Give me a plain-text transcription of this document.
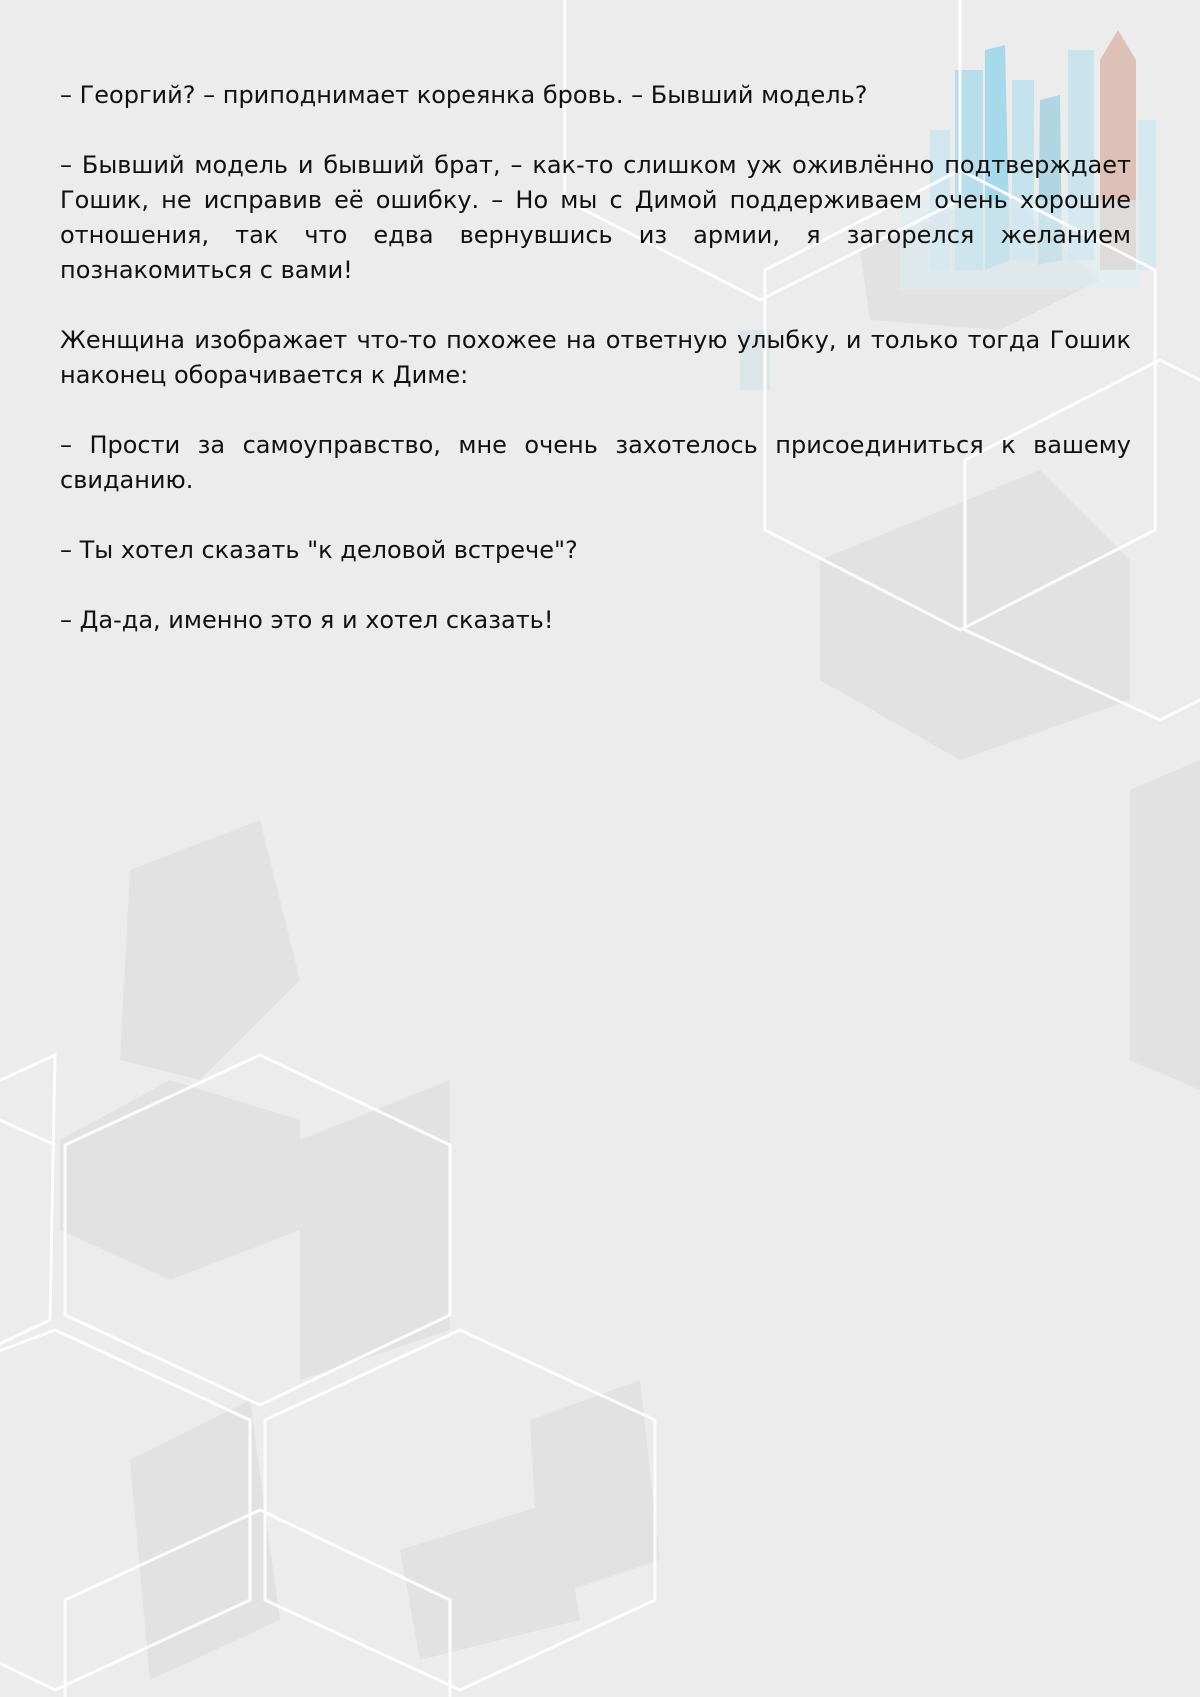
– Георгий? – приподнимает кореянка бровь. – Бывший модель?

– Бывший модель и бывший брат, – как-то слишком уж оживлённо подтверждает Гошик, не исправив её ошибку. – Но мы с Димой поддерживаем очень хорошие отношения, так что едва вернувшись из армии, я загорелся желанием познакомиться с вами!

Женщина изображает что-то похожее на ответную улыбку, и только тогда Гошик наконец оборачивается к Диме:

– Прости за самоуправство, мне очень захотелось присоединиться к вашему свиданию.

– Ты хотел сказать "к деловой встрече"?

– Да-да, именно это я и хотел сказать!
